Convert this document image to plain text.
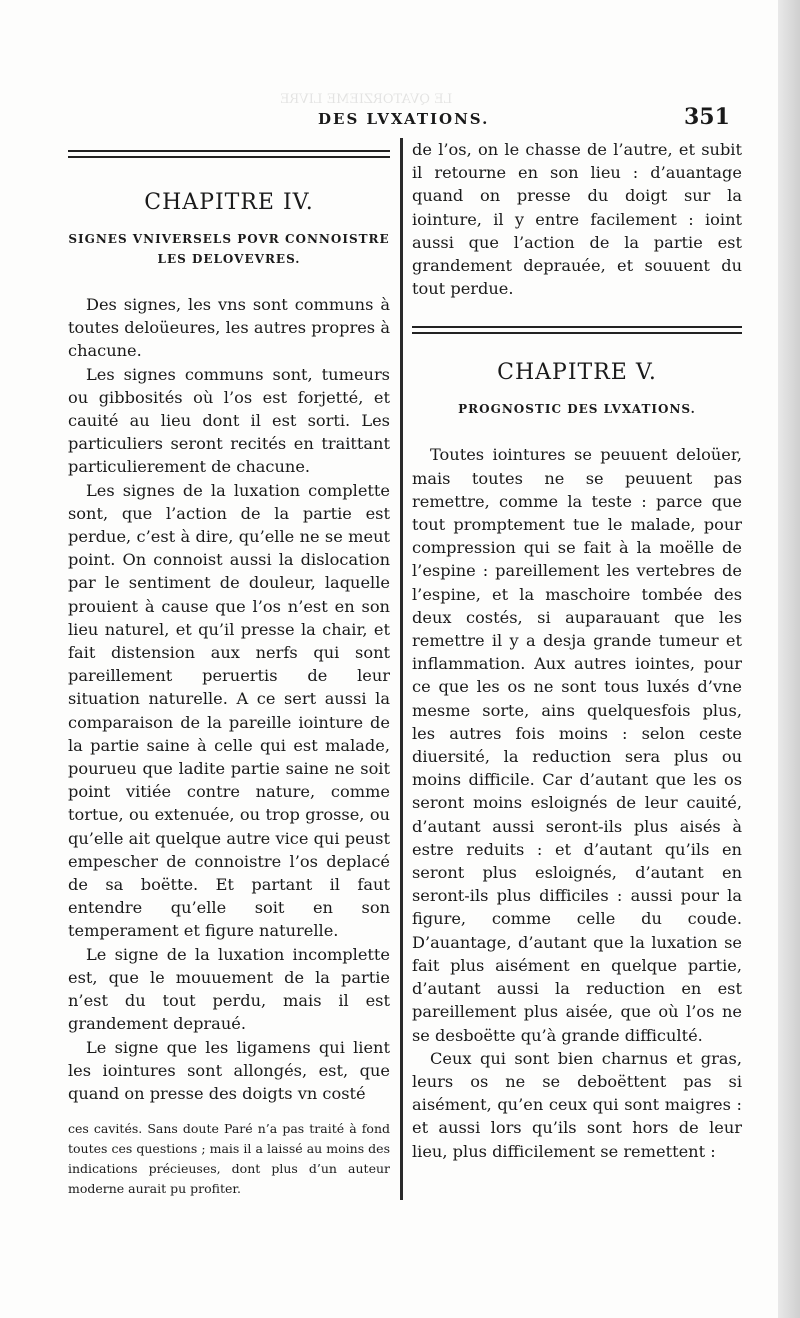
LE QVATORZIEME LIVRE
DES LVXATIONS.	351
CHAPITRE IV.
SIGNES VNIVERSELS POVR CONNOISTRE LES DELOVEVRES.

Des signes, les vns sont communs à toutes deloüeures, les autres propres à chacune.

Les signes communs sont, tumeurs ou gibbosités où l’os est forjetté, et cauité au lieu dont il est sorti. Les particuliers seront recités en traittant particulierement de chacune.

Les signes de la luxation complette sont, que l’action de la partie est perdue, c’est à dire, qu’elle ne se meut point. On connoist aussi la dislocation par le sentiment de douleur, laquelle prouient à cause que l’os n’est en son lieu naturel, et qu’il presse la chair, et fait distension aux nerfs qui sont pareillement peruertis de leur situation naturelle. A ce sert aussi la comparaison de la pareille iointure de la partie saine à celle qui est malade, pourueu que ladite partie saine ne soit point vitiée contre nature, comme tortue, ou extenuée, ou trop grosse, ou qu’elle ait quelque autre vice qui peust empescher de connoistre l’os deplacé de sa boëtte. Et partant il faut entendre qu’elle soit en son temperament et figure naturelle.

Le signe de la luxation incomplette est, que le mouuement de la partie n’est du tout perdu, mais il est grandement depraué.

Le signe que les ligamens qui lient les iointures sont allongés, est, que quand on presse des doigts vn costé

ces cavités. Sans doute Paré n’a pas traité à fond toutes ces questions ; mais il a laissé au moins des indications précieuses, dont plus d’un auteur moderne aurait pu profiter.

de l’os, on le chasse de l’autre, et subit il retourne en son lieu : d’auantage quand on presse du doigt sur la iointure, il y entre facilement : ioint aussi que l’action de la partie est grandement deprauée, et souuent du tout perdue.

CHAPITRE V.
PROGNOSTIC DES LVXATIONS.

Toutes iointures se peuuent deloüer, mais toutes ne se peuuent pas remettre, comme la teste : parce que tout promptement tue le malade, pour compression qui se fait à la moëlle de l’espine : pareillement les vertebres de l’espine, et la maschoire tombée des deux costés, si auparauant que les remettre il y a desja grande tumeur et inflammation. Aux autres iointes, pour ce que les os ne sont tous luxés d’vne mesme sorte, ains quelquesfois plus, les autres fois moins : selon ceste diuersité, la reduction sera plus ou moins difficile. Car d’autant que les os seront moins esloignés de leur cauité, d’autant aussi seront-ils plus aisés à estre reduits : et d’autant qu’ils en seront plus esloignés, d’autant en seront-ils plus difficiles : aussi pour la figure, comme celle du coude. D’auantage, d’autant que la luxation se fait plus aisément en quelque partie, d’autant aussi la reduction en est pareillement plus aisée, que où l’os ne se desboëtte qu’à grande difficulté.

Ceux qui sont bien charnus et gras, leurs os ne se deboëttent pas si aisément, qu’en ceux qui sont maigres : et aussi lors qu’ils sont hors de leur lieu, plus difficilement se remettent :
